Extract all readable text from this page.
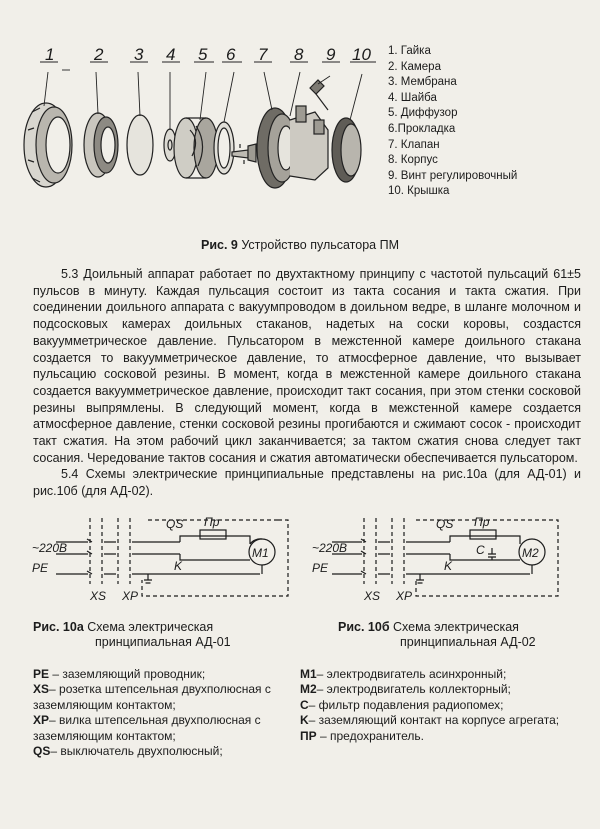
1 2 3 4 5 6 7 8 9 10 1. Гайка
2. Камера
3. Мембрана
4. Шайба
5. Диффузор
6.Прокладка
7. Клапан
8. Корпус
9. Винт регулировочный
10. Крышка
Рис. 9 Устройство пульсатора ПМ

5.3 Доильный аппарат работает по двухтактному принципу с частотой пульсаций 61±5 пульсов в минуту. Каждая пульсация состоит из такта сосания и такта сжатия. При соединении доильного аппарата с вакуумпроводом в доильном ведре, в шланге молочном и подсосковых камерах доильных стаканов, надетых на соски коровы, создастся вакуумметрическое давление. Пульсатором в межстенной камере доильного стакана создается то вакуумметрическое давление, то атмосферное давление, что вызывает пульсацию сосковой резины. В момент, когда в межстенной камере доильного стакана создается вакуумметрическое давление, происходит такт сосания, при этом стенки сосковой резины выпрямлены. В следующий момент, когда в межстенной камере создается атмосферное давление, стенки сосковой резины прогибаются и сжимают сосок - происходит такт сжатия. На этом рабочий цикл заканчивается; за тактом сжатия снова следует такт сосания. Чередование тактов сосания и сжатия автоматически обеспечивается пульсатором.

5.4 Схемы электрические принципиальные представлены на рис.10а (для АД-01) и рис.10б (для АД-02).

~220В
PE
QS Пр
M1
K
XS XP
~220В
PE
QS Пр
C	M2
K
XS XP
Рис. 10а Схема электрическая
принципиальная АД-01
Рис. 10б Схема электрическая
принципиальная АД-02
PE – заземляющий проводник;
XS– розетка штепсельная двухполюсная с заземляющим контактом;
XP– вилка штепсельная двухполюсная с заземляющим контактом;
QS– выключатель двухполюсный;
M1– электродвигатель асинхронный;
M2– электродвигатель коллекторный;
C– фильтр подавления радиопомех;
K– заземляющий контакт на корпусе агрегата;
ПР – предохранитель.
